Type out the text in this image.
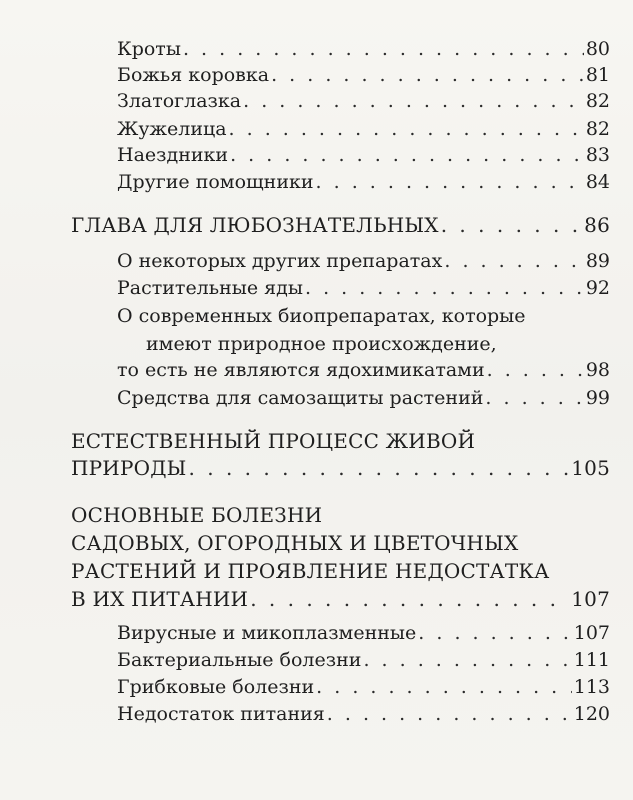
Кроты . . .	80
Божья коровка . . .	81
Златоглазка . . .	82
Жужелица . . .	82
Наездники . . .	83
Другие помощники . . .	84
ГЛАВА ДЛЯ ЛЮБОЗНАТЕЛЬНЫХ . . .	86
О некоторых других препаратах . . .	89
Растительные яды . . .	92
О современных биопрепаратах, которые
имеют природное происхождение,
то есть не являются ядохимикатами . . .	98
Средства для самозащиты растений . . .	99
ЕСТЕСТВЕННЫЙ ПРОЦЕСС ЖИВОЙ
ПРИРОДЫ . . .	105
ОСНОВНЫЕ БОЛЕЗНИ
САДОВЫХ, ОГОРОДНЫХ И ЦВЕТОЧНЫХ
РАСТЕНИЙ И ПРОЯВЛЕНИЕ НЕДОСТАТКА
В ИХ ПИТАНИИ . . .	107
Вирусные и микоплазменные . . .	107
Бактериальные болезни . . .	111
Грибковые болезни . . .	113
Недостаток питания . . .	120
